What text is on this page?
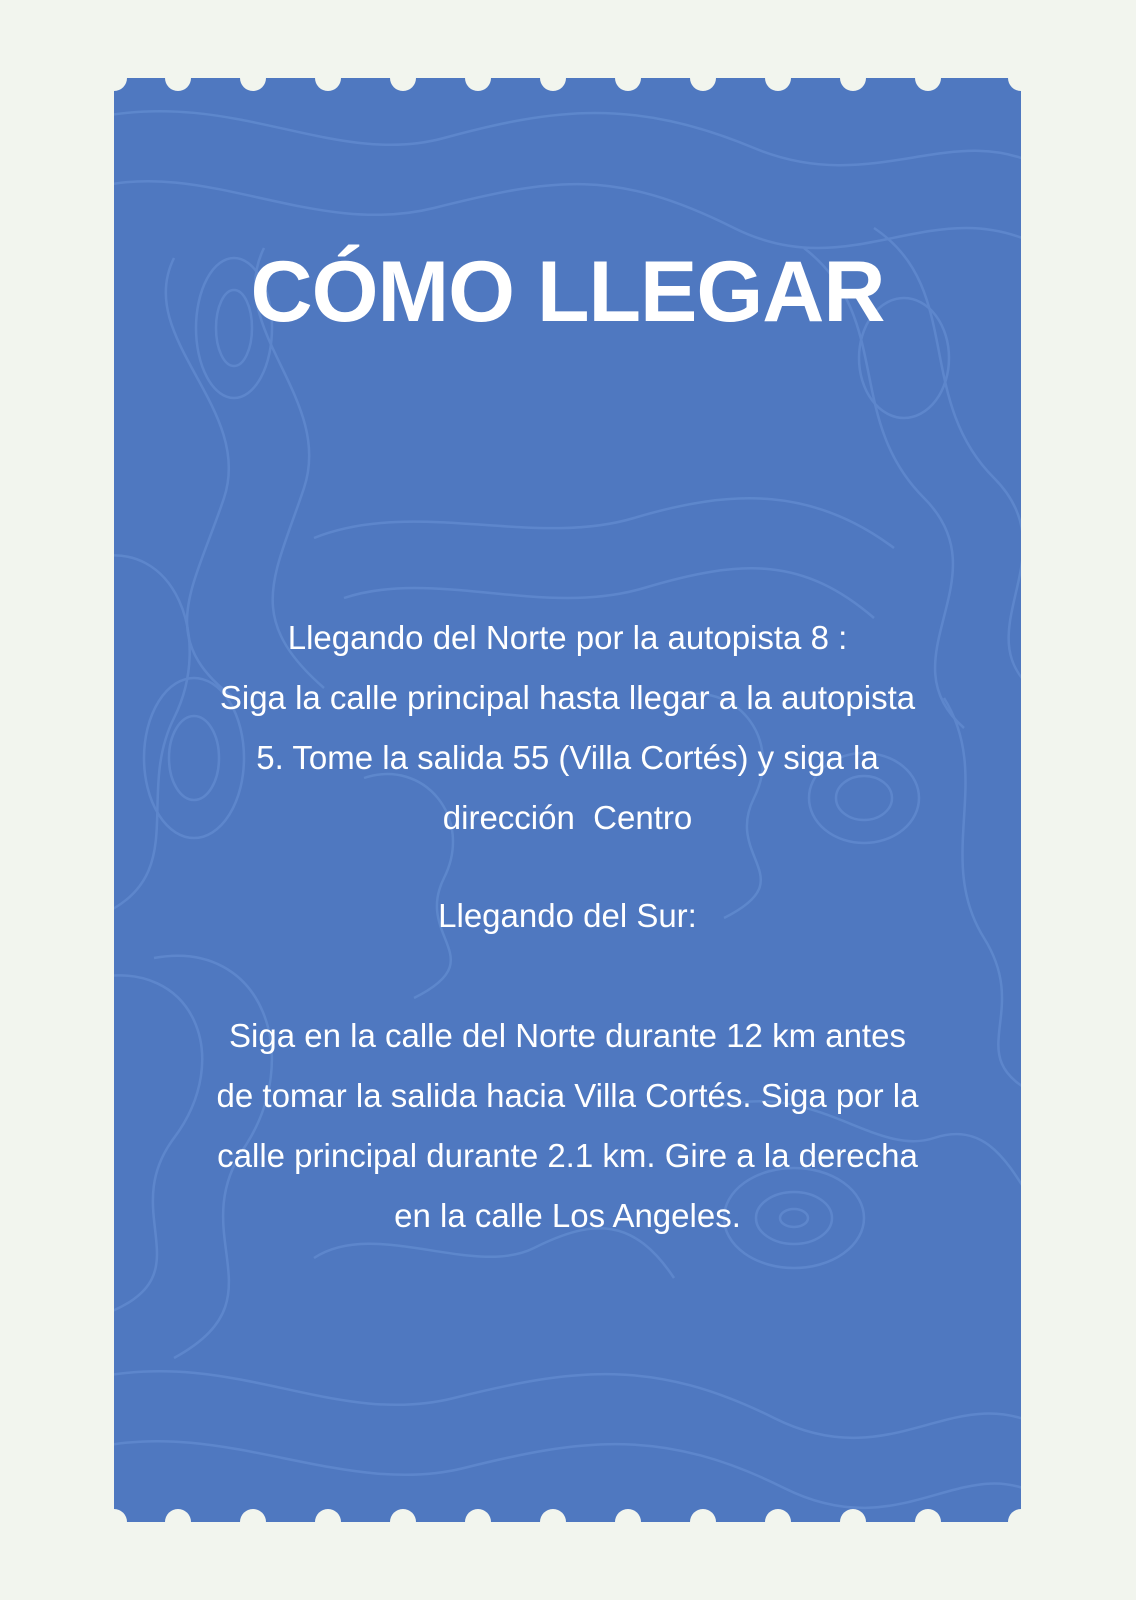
CÓMO LLEGAR
Llegando del Norte por la autopista 8 :
Siga la calle principal hasta llegar a la autopista
5. Tome la salida 55 (Villa Cortés) y siga la
dirección  Centro
Llegando del Sur:
Siga en la calle del Norte durante 12 km antes
de tomar la salida hacia Villa Cortés. Siga por la
calle principal durante 2.1 km. Gire a la derecha
en la calle Los Angeles.
